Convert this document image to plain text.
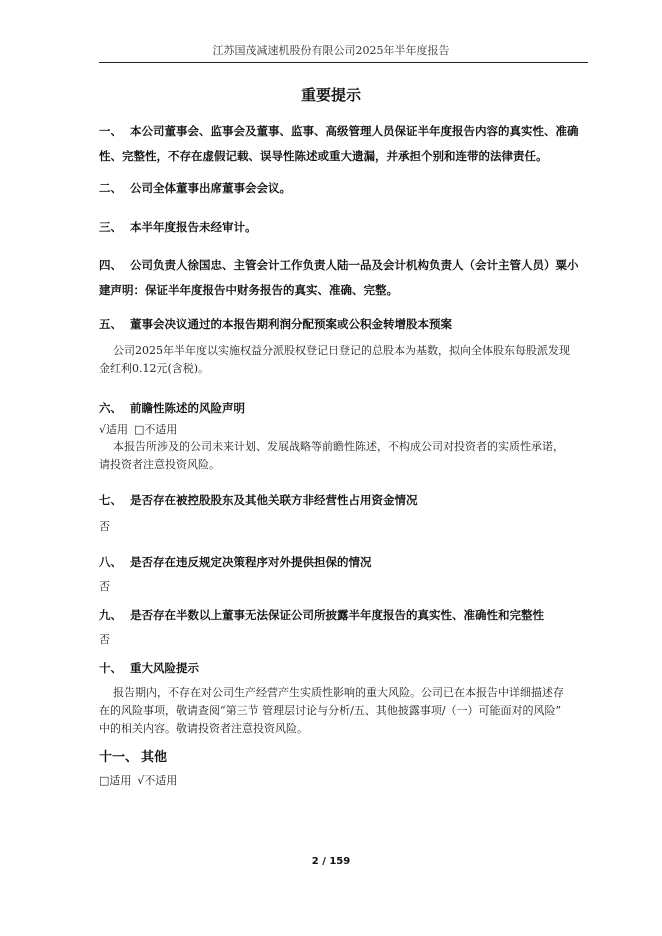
江苏国茂减速机股份有限公司2025年半年度报告
重要提示
一、 本公司董事会、监事会及董事、监事、高级管理人员保证半年度报告内容的真实性、准确
性、完整性，不存在虚假记载、误导性陈述或重大遗漏，并承担个别和连带的法律责任。
二、 公司全体董事出席董事会会议。
三、 本半年度报告未经审计。
四、 公司负责人徐国忠、主管会计工作负责人陆一品及会计机构负责人（会计主管人员）粟小
建声明：保证半年度报告中财务报告的真实、准确、完整。
五、 董事会决议通过的本报告期利润分配预案或公积金转增股本预案
公司2025年半年度以实施权益分派股权登记日登记的总股本为基数，拟向全体股东每股派发现
金红利0.12元(含税)。
六、 前瞻性陈述的风险声明
√适用 □不适用
本报告所涉及的公司未来计划、发展战略等前瞻性陈述，不构成公司对投资者的实质性承诺，
请投资者注意投资风险。
七、 是否存在被控股股东及其他关联方非经营性占用资金情况
否
八、 是否存在违反规定决策程序对外提供担保的情况
否
九、 是否存在半数以上董事无法保证公司所披露半年度报告的真实性、准确性和完整性
否
十、 重大风险提示
报告期内，不存在对公司生产经营产生实质性影响的重大风险。公司已在本报告中详细描述存
在的风险事项，敬请查阅“第三节 管理层讨论与分析/五、其他披露事项/（一）可能面对的风险”
中的相关内容。敬请投资者注意投资风险。
十一、 其他
□适用 √不适用
2 / 159
